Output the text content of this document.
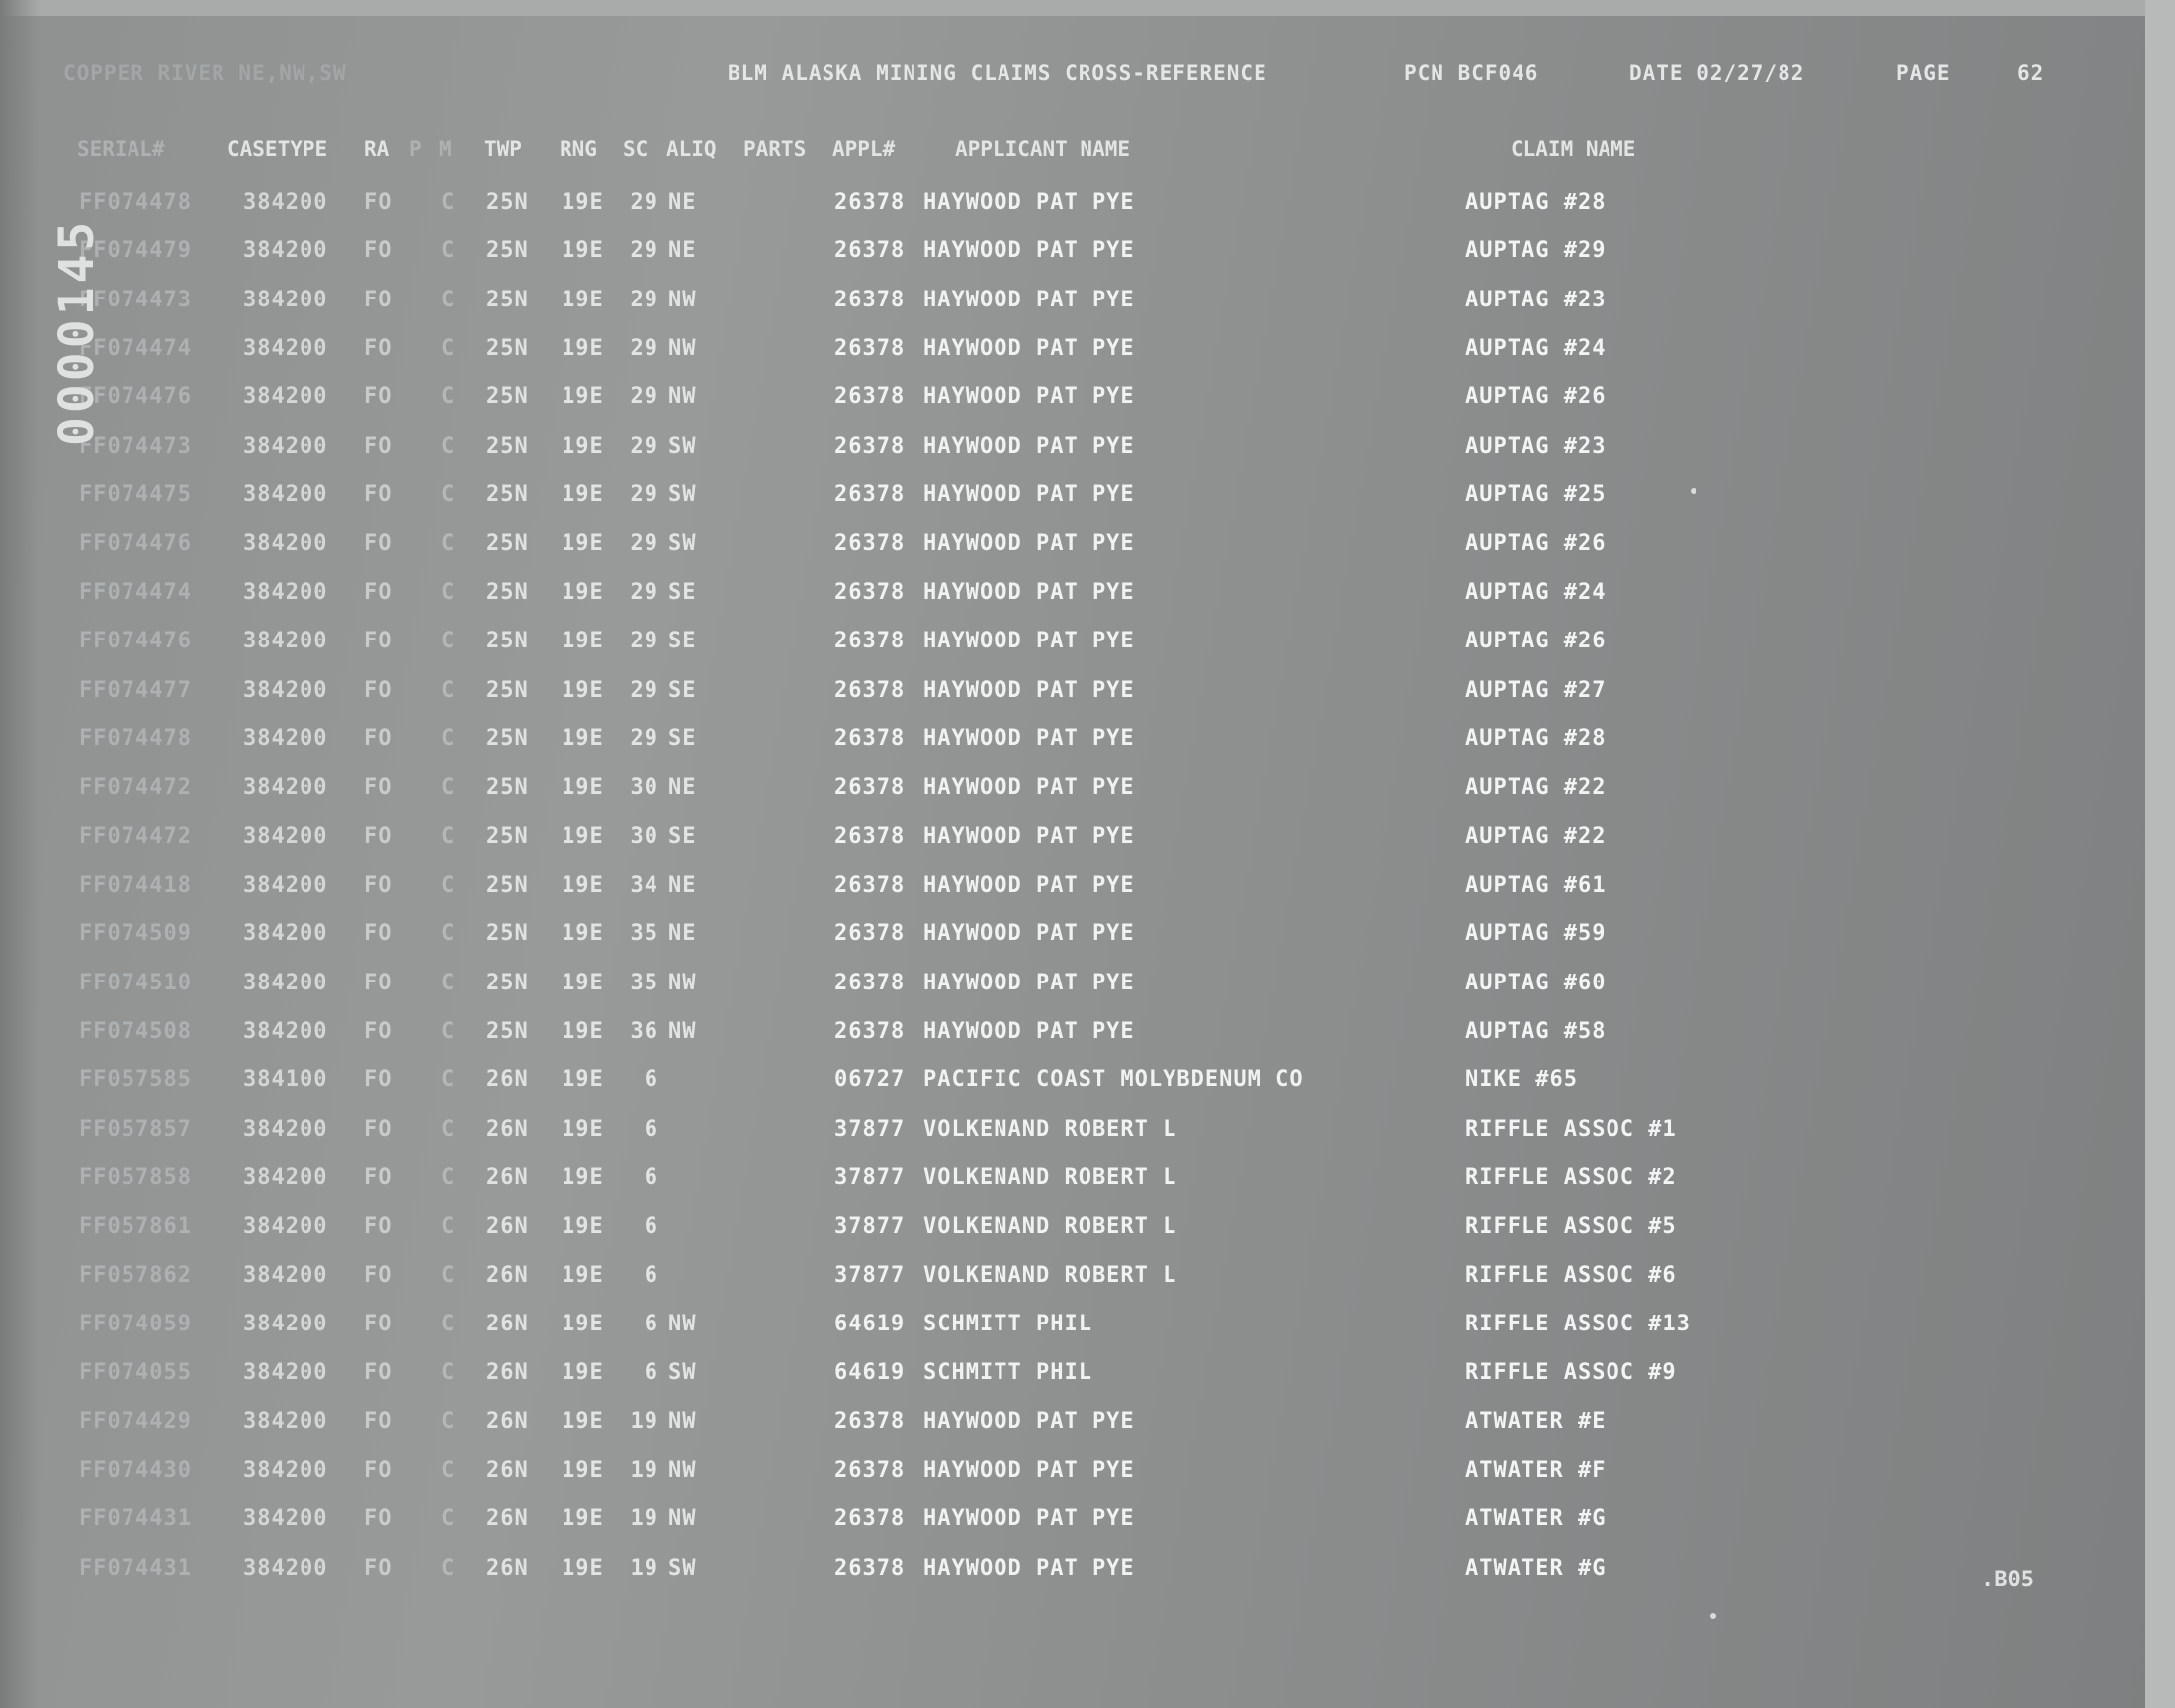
COPPER RIVER NE,NW,SW	BLM ALASKA MINING CLAIMS CROSS-REFERENCE	PCN BCF046	DATE 02/27/82	PAGE	62
SERIAL#	CASETYPE RA P M TWP RNG SC ALIQ PARTS APPL#	APPLICANT NAME	CLAIM NAME
FF074478 384200 FO C 25N 19E	29 NE	26378 HAYWOOD PAT PYE	AUPTAG #28
FF074479 384200 FO C 25N 19E	29 NE	26378 HAYWOOD PAT PYE	AUPTAG #29
FF074473 384200 FO C 25N 19E	29 NW	26378 HAYWOOD PAT PYE	AUPTAG #23
FF074474 384200 FO C 25N 19E	29 NW	26378 HAYWOOD PAT PYE	AUPTAG #24
FF074476 384200 FO C 25N 19E	29 NW	26378 HAYWOOD PAT PYE	AUPTAG #26
FF074473 384200 FO C 25N 19E	29 SW	26378 HAYWOOD PAT PYE	AUPTAG #23
FF074475 384200 FO C 25N 19E	29 SW	26378 HAYWOOD PAT PYE	AUPTAG #25
FF074476 384200 FO C 25N 19E	29 SW	26378 HAYWOOD PAT PYE	AUPTAG #26
FF074474 384200 FO C 25N 19E	29 SE	26378 HAYWOOD PAT PYE	AUPTAG #24
FF074476 384200 FO C 25N 19E	29 SE	26378 HAYWOOD PAT PYE	AUPTAG #26
FF074477 384200 FO C 25N 19E	29 SE	26378 HAYWOOD PAT PYE	AUPTAG #27
FF074478 384200 FO C 25N 19E	29 SE	26378 HAYWOOD PAT PYE	AUPTAG #28
FF074472 384200 FO C 25N 19E	30 NE	26378 HAYWOOD PAT PYE	AUPTAG #22
FF074472 384200 FO C 25N 19E	30 SE	26378 HAYWOOD PAT PYE	AUPTAG #22
FF074418 384200 FO C 25N 19E	34 NE	26378 HAYWOOD PAT PYE	AUPTAG #61
FF074509 384200 FO C 25N 19E	35 NE	26378 HAYWOOD PAT PYE	AUPTAG #59
FF074510 384200 FO C 25N 19E	35 NW	26378 HAYWOOD PAT PYE	AUPTAG #60
FF074508 384200 FO C 25N 19E	36 NW	26378 HAYWOOD PAT PYE	AUPTAG #58
FF057585 384100 FO C 26N 19E	6	06727 PACIFIC COAST MOLYBDENUM CO	NIKE #65
FF057857 384200 FO C 26N 19E	6	37877 VOLKENAND ROBERT L	RIFFLE ASSOC #1
FF057858 384200 FO C 26N 19E	6	37877 VOLKENAND ROBERT L	RIFFLE ASSOC #2
FF057861 384200 FO C 26N 19E	6	37877 VOLKENAND ROBERT L	RIFFLE ASSOC #5
FF057862 384200 FO C 26N 19E	6	37877 VOLKENAND ROBERT L	RIFFLE ASSOC #6
FF074059 384200 FO C 26N 19E	6 NW	64619 SCHMITT PHIL	RIFFLE ASSOC #13
FF074055 384200 FO C 26N 19E	6 SW	64619 SCHMITT PHIL	RIFFLE ASSOC #9
FF074429 384200 FO C 26N 19E	19 NW	26378 HAYWOOD PAT PYE	ATWATER #E
FF074430 384200 FO C 26N 19E	19 NW	26378 HAYWOOD PAT PYE	ATWATER #F
FF074431 384200 FO C 26N 19E	19 NW	26378 HAYWOOD PAT PYE	ATWATER #G
FF074431 384200 FO C 26N 19E	19 SW	26378 HAYWOOD PAT PYE	ATWATER #G
0000145
.B05
